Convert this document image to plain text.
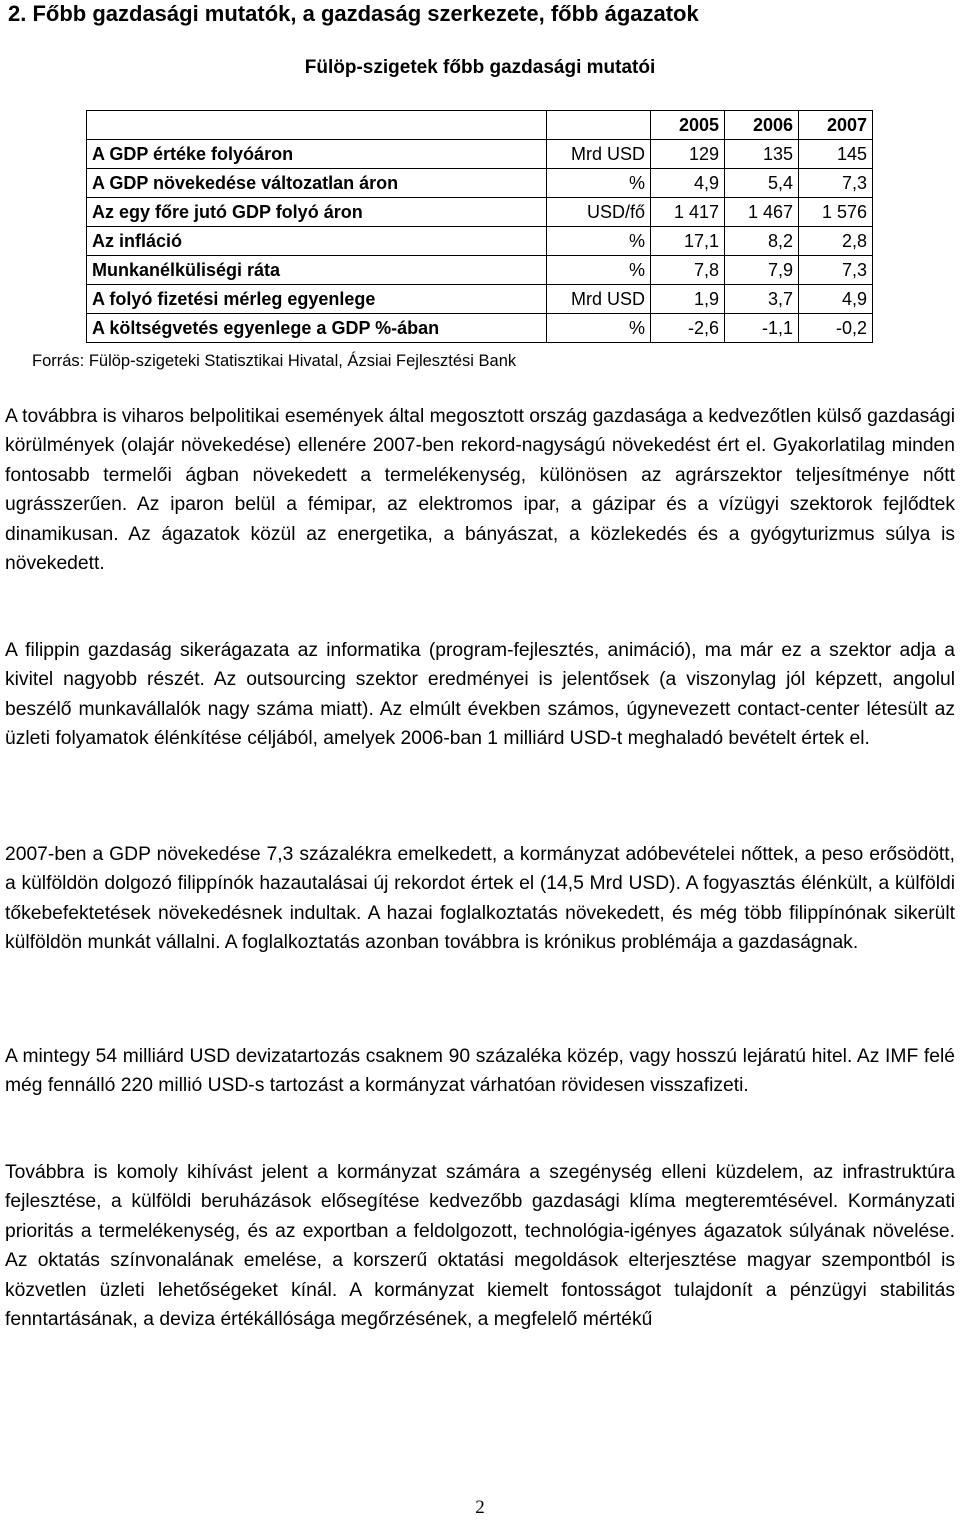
2. Főbb gazdasági mutatók, a gazdaság szerkezete, főbb ágazatok
Fülöp-szigetek főbb gazdasági mutatói
		2005	2006	2007
A GDP értéke folyóáron	Mrd USD	129	135	145
A GDP növekedése változatlan áron	%	4,9	5,4	7,3
Az egy főre jutó GDP folyó áron	USD/fő	1 417	1 467	1 576
Az infláció	%	17,1	8,2	2,8
Munkanélküliségi ráta	%	7,8	7,9	7,3
A folyó fizetési mérleg egyenlege	Mrd USD	1,9	3,7	4,9
A költségvetés egyenlege a GDP %-ában	%	-2,6	-1,1	-0,2
Forrás: Fülöp-szigeteki Statisztikai Hivatal, Ázsiai Fejlesztési Bank

A továbbra is viharos belpolitikai események által megosztott ország gazdasága a kedvezőtlen külső gazdasági körülmények (olajár növekedése) ellenére 2007-ben rekord-nagyságú növekedést ért el. Gyakorlatilag minden fontosabb termelői ágban növekedett a termelékenység, különösen az agrárszektor teljesítménye nőtt ugrásszerűen. Az iparon belül a fémipar, az elektromos ipar, a gázipar és a vízügyi szektorok fejlődtek dinamikusan. Az ágazatok közül az energetika, a bányászat, a közlekedés és a gyógyturizmus súlya is növekedett.

A filippin gazdaság sikerágazata az informatika (program-fejlesztés, animáció), ma már ez a szektor adja a kivitel nagyobb részét. Az outsourcing szektor eredményei is jelentősek (a viszonylag jól képzett, angolul beszélő munkavállalók nagy száma miatt). Az elmúlt években számos, úgynevezett contact-center létesült az üzleti folyamatok élénkítése céljából, amelyek 2006-ban 1 milliárd USD-t meghaladó bevételt értek el.

2007-ben a GDP növekedése 7,3 százalékra emelkedett, a kormányzat adóbevételei nőttek, a peso erősödött, a külföldön dolgozó filippínók hazautalásai új rekordot értek el (14,5 Mrd USD). A fogyasztás élénkült, a külföldi tőkebefektetések növekedésnek indultak. A hazai foglalkoztatás növekedett, és még több filippínónak sikerült külföldön munkát vállalni. A foglalkoztatás azonban továbbra is krónikus problémája a gazdaságnak.

A mintegy 54 milliárd USD devizatartozás csaknem 90 százaléka közép, vagy hosszú lejáratú hitel. Az IMF felé még fennálló 220 millió USD-s tartozást a kormányzat várhatóan rövidesen visszafizeti.

Továbbra is komoly kihívást jelent a kormányzat számára a szegénység elleni küzdelem, az infrastruktúra fejlesztése, a külföldi beruházások elősegítése kedvezőbb gazdasági klíma megteremtésével. Kormányzati prioritás a termelékenység, és az exportban a feldolgozott, technológia-igényes ágazatok súlyának növelése. Az oktatás színvonalának emelése, a korszerű oktatási megoldások elterjesztése magyar szempontból is közvetlen üzleti lehetőségeket kínál. A kormányzat kiemelt fontosságot tulajdonít a pénzügyi stabilitás fenntartásának, a deviza értékállósága megőrzésének, a megfelelő mértékű

2
